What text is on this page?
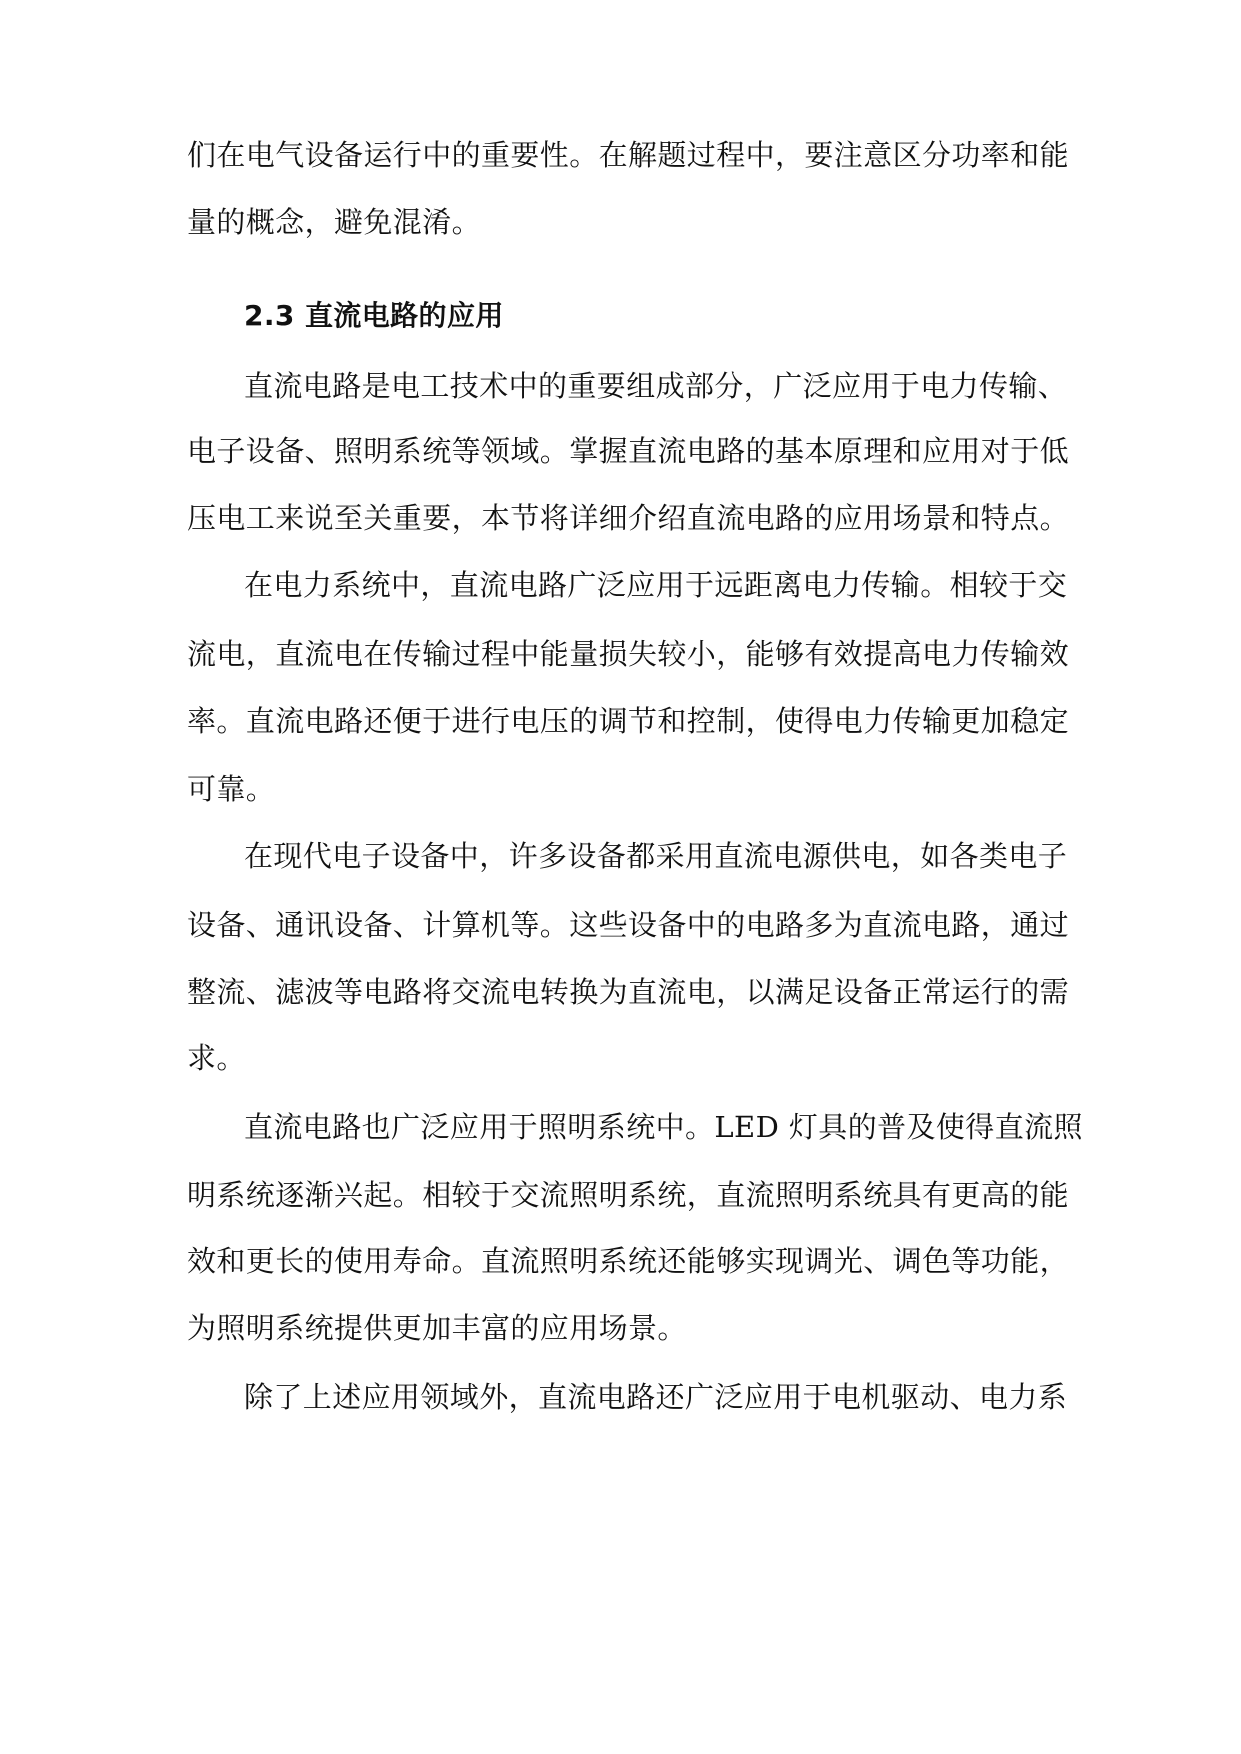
们在电气设备运行中的重要性。在解题过程中，要注意区分功率和能
量的概念，避免混淆。
2.3 直流电路的应用
直流电路是电工技术中的重要组成部分，广泛应用于电力传输、
电子设备、照明系统等领域。掌握直流电路的基本原理和应用对于低
压电工来说至关重要，本节将详细介绍直流电路的应用场景和特点。
在电力系统中，直流电路广泛应用于远距离电力传输。相较于交
流电，直流电在传输过程中能量损失较小，能够有效提高电力传输效
率。直流电路还便于进行电压的调节和控制，使得电力传输更加稳定
可靠。
在现代电子设备中，许多设备都采用直流电源供电，如各类电子
设备、通讯设备、计算机等。这些设备中的电路多为直流电路，通过
整流、滤波等电路将交流电转换为直流电，以满足设备正常运行的需
求。
直流电路也广泛应用于照明系统中。LED 灯具的普及使得直流照
明系统逐渐兴起。相较于交流照明系统，直流照明系统具有更高的能
效和更长的使用寿命。直流照明系统还能够实现调光、调色等功能，
为照明系统提供更加丰富的应用场景。
除了上述应用领域外，直流电路还广泛应用于电机驱动、电力系
